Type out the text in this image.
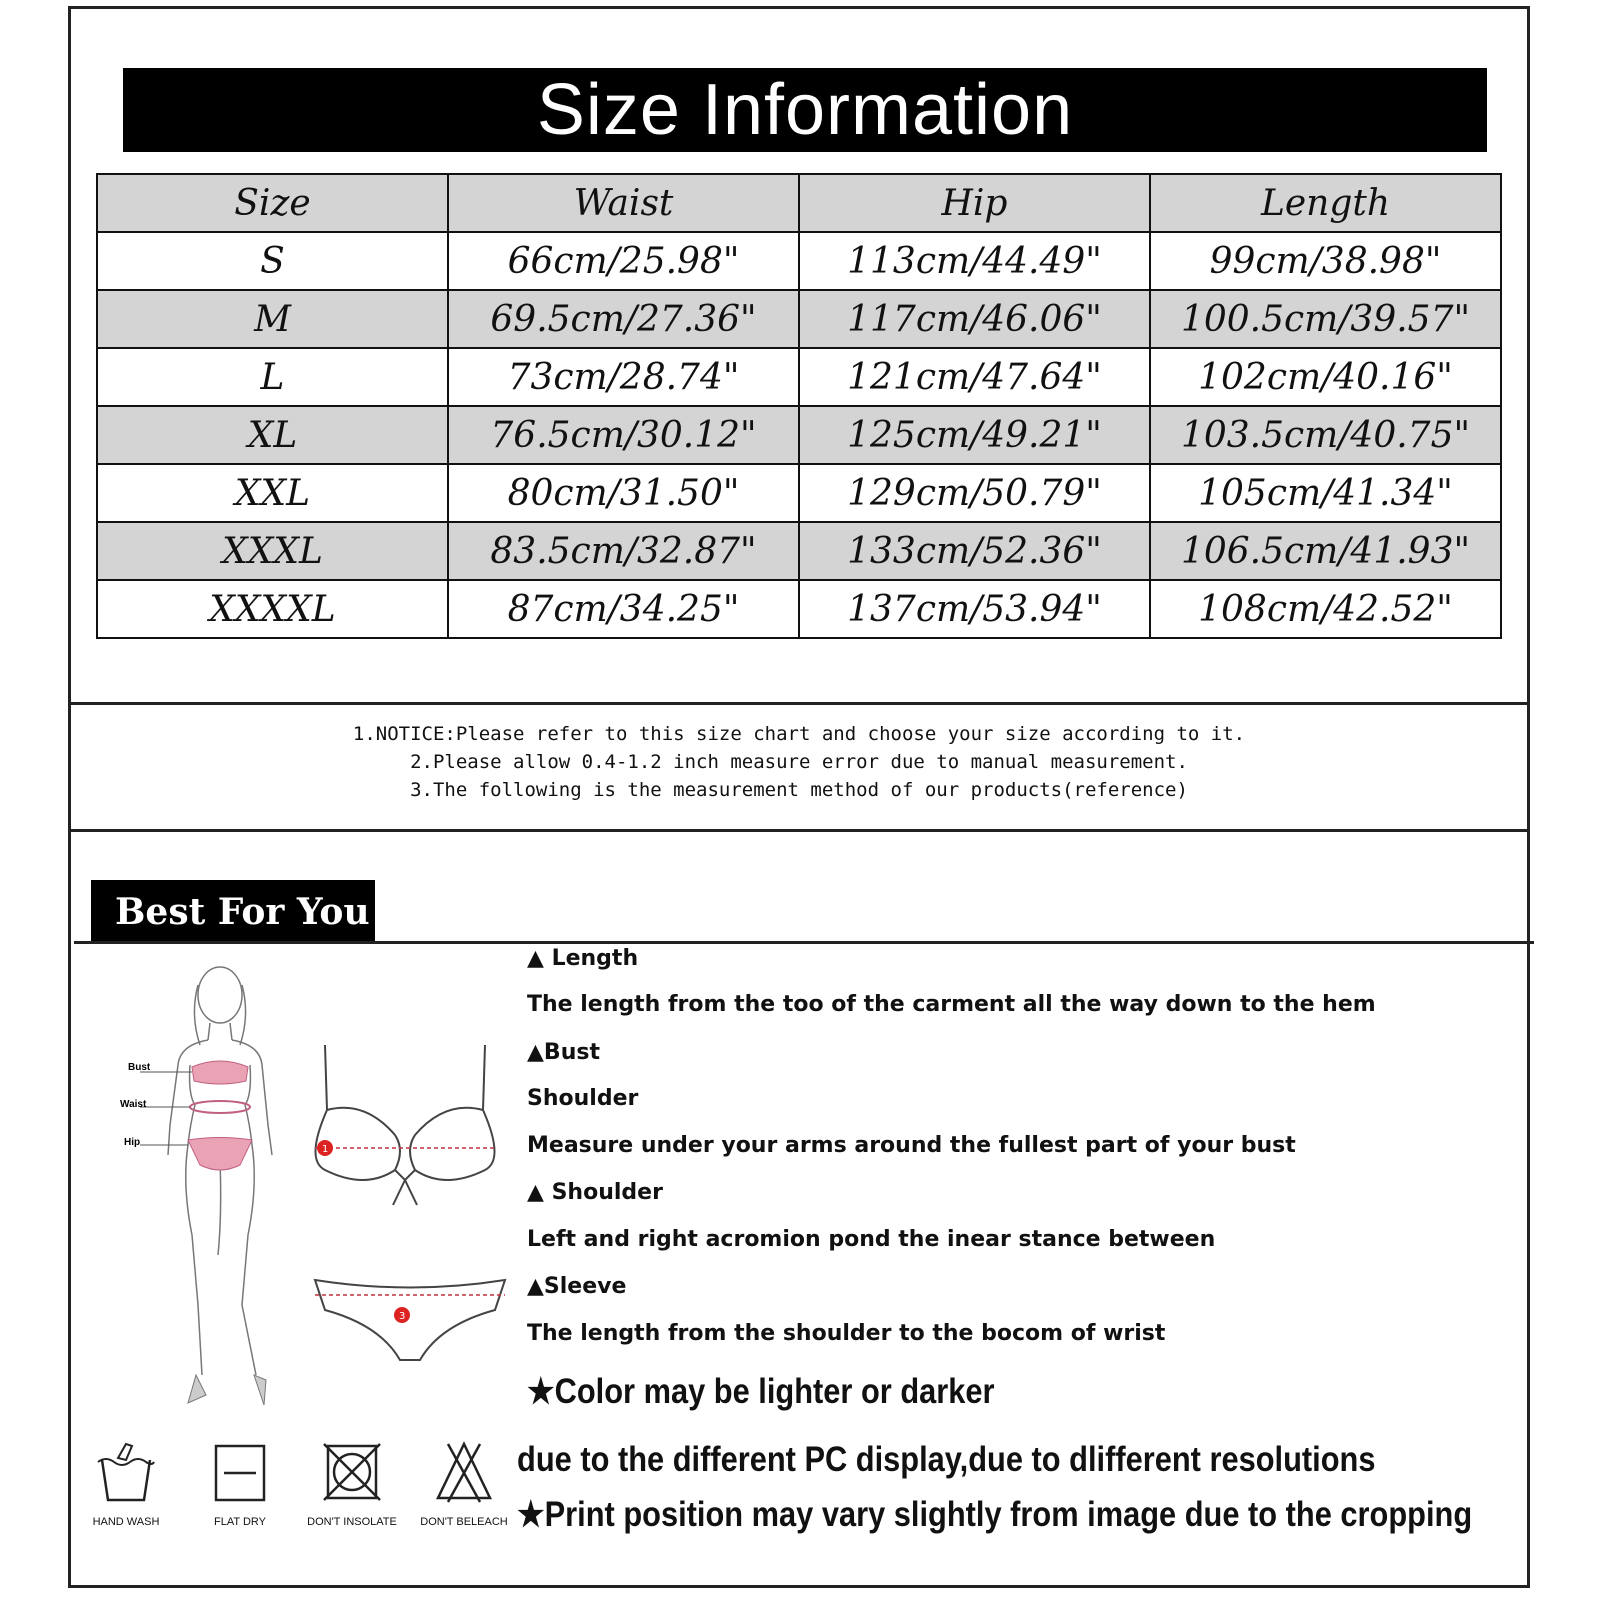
Size Information
Size	Waist	Hip	Length
S	66cm/25.98"	113cm/44.49"	99cm/38.98"
M	69.5cm/27.36"	117cm/46.06"	100.5cm/39.57"
L	73cm/28.74"	121cm/47.64"	102cm/40.16"
XL	76.5cm/30.12"	125cm/49.21"	103.5cm/40.75"
XXL	80cm/31.50"	129cm/50.79"	105cm/41.34"
XXXL	83.5cm/32.87"	133cm/52.36"	106.5cm/41.93"
XXXXL	87cm/34.25"	137cm/53.94"	108cm/42.52"
1.NOTICE:Please refer to this size chart and choose your size according to it.
2.Please allow 0.4-1.2 inch measure error due to manual measurement.
3.The following is the measurement method of our products(reference)
Best For You
Bust
Waist
Hip
1
3
▲ Length
The length from the too of the carment all the way down to the hem
▲Bust
Shoulder
Measure under your arms around the fullest part of your bust
▲ Shoulder
Left and right acromion pond the inear stance between
▲Sleeve
The length from the shoulder to the bocom of wrist
★Color may be lighter or darker
due to the different PC display,due to dlifferent resolutions
★Print position may vary slightly from image due to the cropping
HAND WASH	FLAT DRY	DON'T INSOLATE	DON'T BELEACH
